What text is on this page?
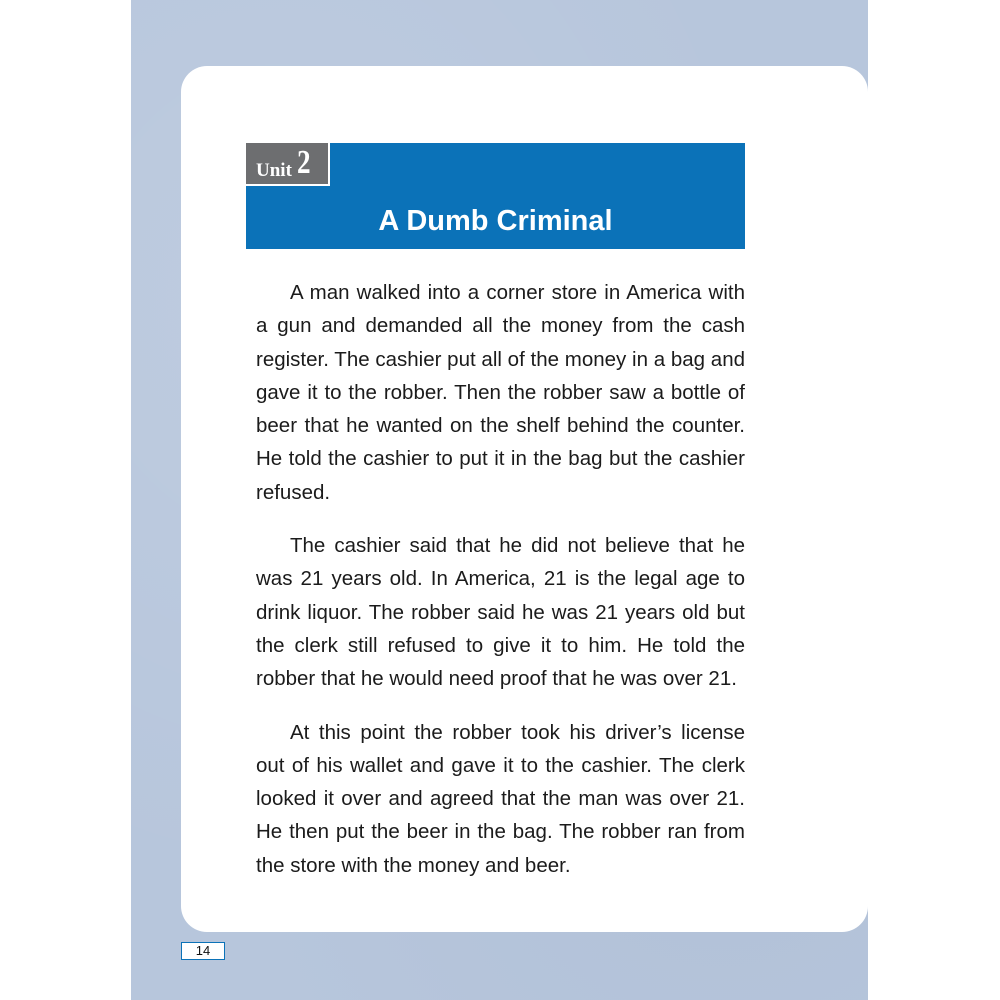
Unit 2
A Dumb Criminal

A man walked into a corner store in America with a gun and demanded all the money from the cash register. The cashier put all of the money in a bag and gave it to the robber. Then the robber saw a bottle of beer that he wanted on the shelf behind the counter. He told the cashier to put it in the bag but the cashier refused.

The cashier said that he did not believe that he was 21 years old. In America, 21 is the legal age to drink liquor. The robber said he was 21 years old but the clerk still refused to give it to him. He told the robber that he would need proof that he was over 21.

At this point the robber took his driver’s license out of his wallet and gave it to the cashier. The clerk looked it over and agreed that the man was over 21. He then put the beer in the bag. The robber ran from the store with the money and beer.

14
